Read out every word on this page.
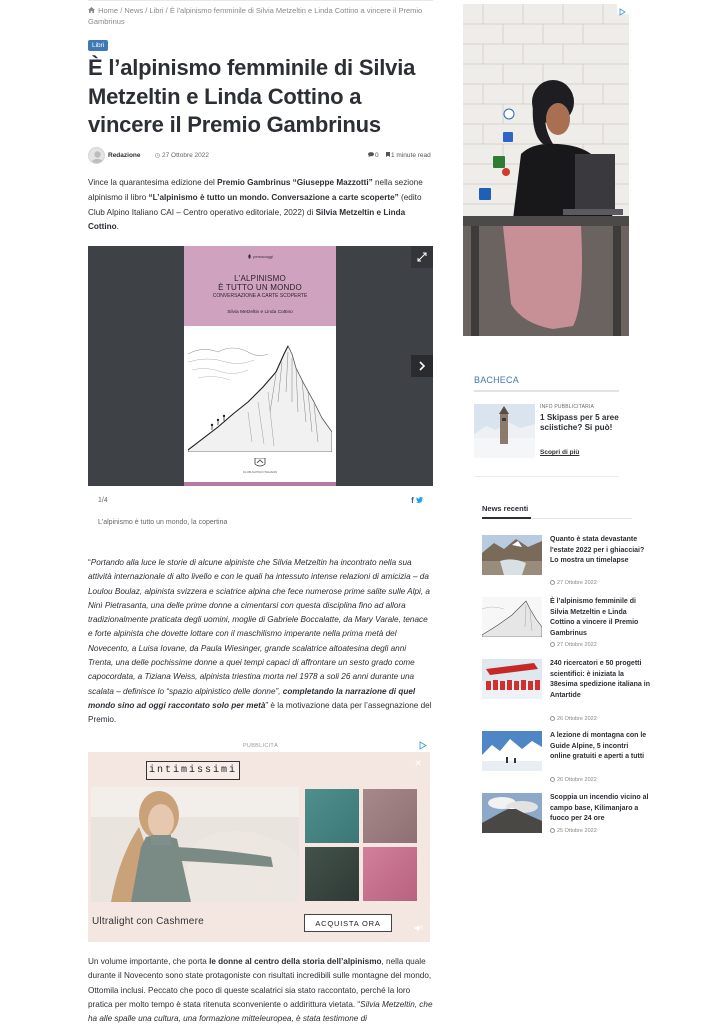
Home / News / Libri / È l'alpinismo femminile di Silvia Metzeltin e Linda Cottino a vincere il Premio Gambrinus
Libri
È l’alpinismo femminile di Silvia Metzeltin e Linda Cottino a vincere il Premio Gambrinus
Redazione	27 Ottobre 2022	0	1 minute read

Vince la quarantesima edizione del Premio Gambrinus “Giuseppe Mazzotti” nella sezione alpinismo il libro “L’alpinismo è tutto un mondo. Conversazione a carte scoperte” (edito Club Alpino Italiano CAI – Centro operativo editoriale, 2022) di Silvia Metzeltin e Linda Cottino.

personaggi
L'ALPINISMO
È TUTTO UN MONDO
CONVERSAZIONE A CARTE SCOPERTE
Silvia Metzeltin e Linda Cottino
CLUB ALPINO ITALIANO
1/4	f
L'alpinismo è tutto un mondo, la copertina

“Portando alla luce le storie di alcune alpiniste che Silvia Metzeltin ha incontrato nella sua attività internazionale di alto livello e con le quali ha intessuto intense relazioni di amicizia – da Loulou Boulaz, alpinista svizzera e sciatrice alpina che fece numerose prime salite sulle Alpi, a Ninì Pietrasanta, una delle prime donne a cimentarsi con questa disciplina fino ad allora tradizionalmente praticata degli uomini, moglie di Gabriele Boccalatte, da Mary Varale, tenace e forte alpinista che dovette lottare con il maschilismo imperante nella prima metà del Novecento, a Luisa Iovane, da Paula Wiesinger, grande scalatrice altoatesina degli anni Trenta, una delle pochissime donne a quei tempi capaci di affrontare un sesto grado come capocordata, a Tiziana Weiss, alpinista triestina morta nel 1978 a soli 26 anni durante una scalata – definisce lo “spazio alpinistico delle donne”, completando la narrazione di quel mondo sino ad oggi raccontato solo per metà” è la motivazione data per l’assegnazione del Premio.

PUBBLICITÀ
intimissimi
✕
Ultralight con Cashmere	ACQUISTA ORA
◀×

Un volume importante, che porta le donne al centro della storia dell’alpinismo, nella quale durante il Novecento sono state protagoniste con risultati incredibili sulle montagne del mondo, Ottomila inclusi. Peccato che poco di queste scalatrici sia stato raccontato, perché la loro pratica per molto tempo è stata ritenuta sconveniente o addirittura vietata. “Silvia Metzeltin, che ha alle spalle una cultura, una formazione mitteleuropea, è stata testimone di

BACHECA
INFO PUBBLICITARIA
1 Skipass per 5 aree sciistiche? Si può!
Scopri di più
News recenti
Quanto è stata devastante l'estate 2022 per i ghiacciai? Lo mostra un timelapse
27 Ottobre 2022
È l’alpinismo femminile di Silvia Metzeltin e Linda Cottino a vincere il Premio Gambrinus
27 Ottobre 2022
240 ricercatori e 50 progetti scientifici: è iniziata la 38esima spedizione italiana in Antartide
26 Ottobre 2022
A lezione di montagna con le Guide Alpine, 5 incontri online gratuiti e aperti a tutti
26 Ottobre 2022
Scoppia un incendio vicino al campo base, Kilimanjaro a fuoco per 24 ore
25 Ottobre 2022
